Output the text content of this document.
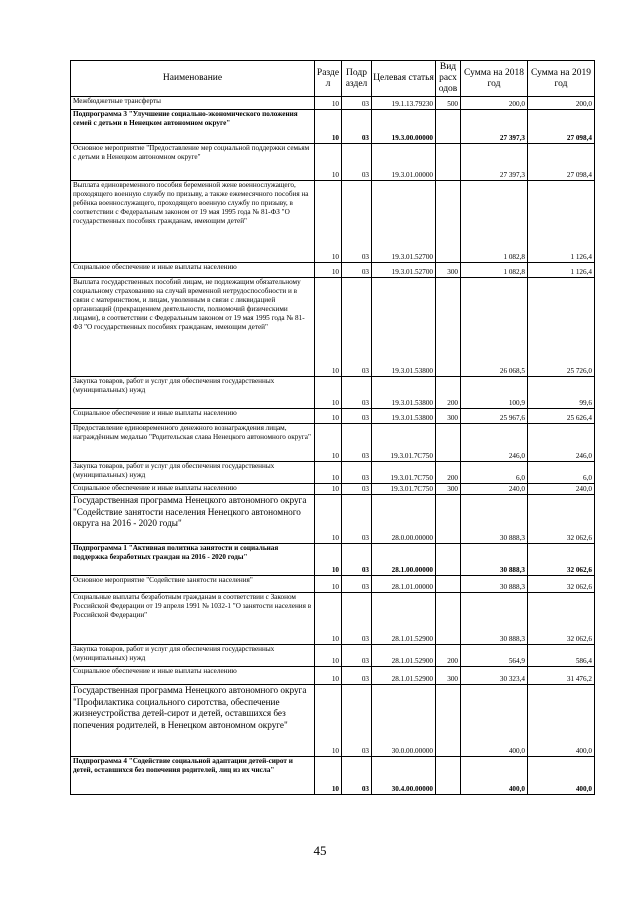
Наименование	Разде л	Подр аздел	Целевая статья	Вид расх одов	Сумма на 2018 год	Сумма на 2019 год
Межбюджетные трансферты	10	03	19.1.13.79230	500	200,0	200,0
Подпрограмма 3 "Улучшение социально-экономического положения семей с детьми в Ненецком автономном округе"	10	03	19.3.00.00000		27 397,3	27 098,4
Основное мероприятие "Предоставление мер социальной поддержки семьям с детьми в Ненецком автономном округе"	10	03	19.3.01.00000		27 397,3	27 098,4
Выплата единовременного пособия беременной жене военнослужащего, проходящего военную службу по призыву, а также ежемесячного пособия на ребёнка военнослужащего, проходящего военную службу по призыву, в соответствии с Федеральным законом от 19 мая 1995 года № 81-ФЗ "О государственных пособиях гражданам, имеющим детей"	10	03	19.3.01.52700		1 082,8	1 126,4
Социальное обеспечение и иные выплаты населению	10	03	19.3.01.52700	300	1 082,8	1 126,4
Выплата государственных пособий лицам, не подлежащим обязательному социальному страхованию на случай временной нетрудоспособности и в связи с материнством, и лицам, уволенным в связи с ликвидацией организаций (прекращением деятельности, полномочий физическими лицами), в соответствии с Федеральным законом от 19 мая 1995 года № 81-ФЗ "О государственных пособиях гражданам, имеющим детей"	10	03	19.3.01.53800		26 068,5	25 726,0
Закупка товаров, работ и услуг для обеспечения государственных (муниципальных) нужд	10	03	19.3.01.53800	200	100,9	99,6
Социальное обеспечение и иные выплаты населению	10	03	19.3.01.53800	300	25 967,6	25 626,4
Предоставление единовременного денежного вознаграждения лицам, награждённым медалью "Родительская слава Ненецкого автономного округа"	10	03	19.3.01.7С750		246,0	246,0
Закупка товаров, работ и услуг для обеспечения государственных (муниципальных) нужд	10	03	19.3.01.7С750	200	6,0	6,0
Социальное обеспечение и иные выплаты населению	10	03	19.3.01.7С750	300	240,0	240,0
Государственная программа Ненецкого автономного округа "Содействие занятости населения Ненецкого автономного округа на 2016 - 2020 годы"	10	03	28.0.00.00000		30 888,3	32 062,6
Подпрограмма 1 "Активная политика занятости и социальная поддержка безработных граждан на 2016 - 2020 годы"	10	03	28.1.00.00000		30 888,3	32 062,6
Основное мероприятие "Содействие занятости населения"	10	03	28.1.01.00000		30 888,3	32 062,6
Социальные выплаты безработным гражданам в соответствии с Законом Российской Федерации от 19 апреля 1991 № 1032-1 "О занятости населения в Российской Федерации"	10	03	28.1.01.52900		30 888,3	32 062,6
Закупка товаров, работ и услуг для обеспечения государственных (муниципальных) нужд	10	03	28.1.01.52900	200	564,9	586,4
Социальное обеспечение и иные выплаты населению	10	03	28.1.01.52900	300	30 323,4	31 476,2
Государственная программа Ненецкого автономного округа "Профилактика социального сиротства, обеспечение жизнеустройства детей-сирот и детей, оставшихся без попечения родителей, в Ненецком автономном округе"	10	03	30.0.00.00000		400,0	400,0
Подпрограмма 4 "Содействие социальной адаптации детей-сирот и детей, оставшихся без попечения родителей, лиц из их числа"	10	03	30.4.00.00000		400,0	400,0
45
